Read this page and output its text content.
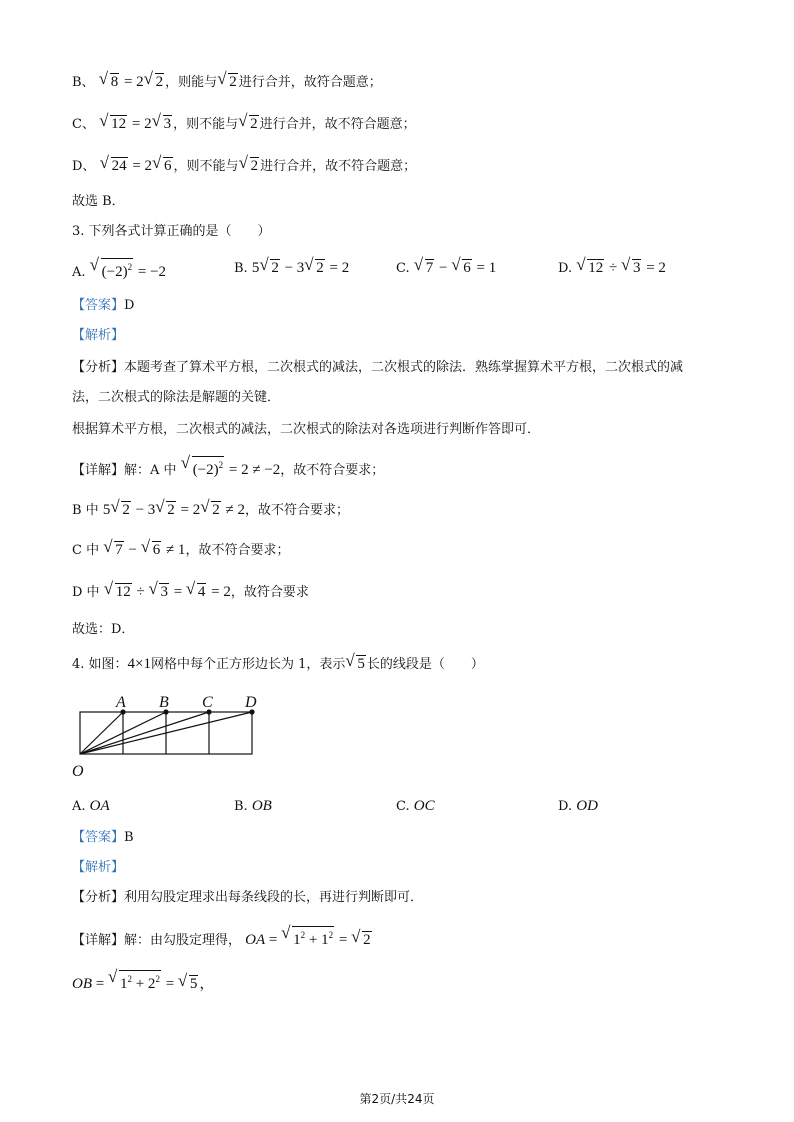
B、 √ 8 = 2 √ 2 ，则能与 √ 2 进行合并，故符合题意；
C、 √ 12 = 2 √ 3 ，则不能与 √ 2 进行合并，故不符合题意；
D、 √ 24 = 2 √ 6 ，则不能与 √ 2 进行合并，故不符合题意；
故选 B．
3. 下列各式计算正确的是（　　）
A. √ $(-2)^2 = -2$	B. 5 √ 2 − 3 √ 2 = 2	C. √ 7 − √ 6 = 1	D. √ 12 ÷ √ 3 = 2
【答案】D
【解析】
【分析】本题考查了算术平方根，二次根式的减法，二次根式的除法．熟练掌握算术平方根，二次根式的减
法，二次根式的除法是解题的关键．
根据算术平方根，二次根式的减法，二次根式的除法对各选项进行判断作答即可．
【详解】解：A 中 √ $(-2)^2 = 2 \ne -2$，故不符合要求；
B 中 5 √ 2 − 3 √ 2 = 2 √ 2 ≠ 2，故不符合要求；
C 中 √ 7 − √ 6 ≠ 1，故不符合要求；
D 中 √ 12 ÷ √ 3 = √ 4 = 2，故符合要求
故选：D．
4. 如图：4×1网格中每个正方形边长为 1，表示 √ 5 长的线段是（　　）
A B C D
O
A. OA	B. OB	C. OC	D. OD
【答案】B
【解析】
【分析】利用勾股定理求出每条线段的长，再进行判断即可．
【详解】解：由勾股定理得， OA = √ $1^2 + 1^2$ = √ 2
OB = √ $1^2 + 2^2$ = √ 5 ，
第2页/共24页
